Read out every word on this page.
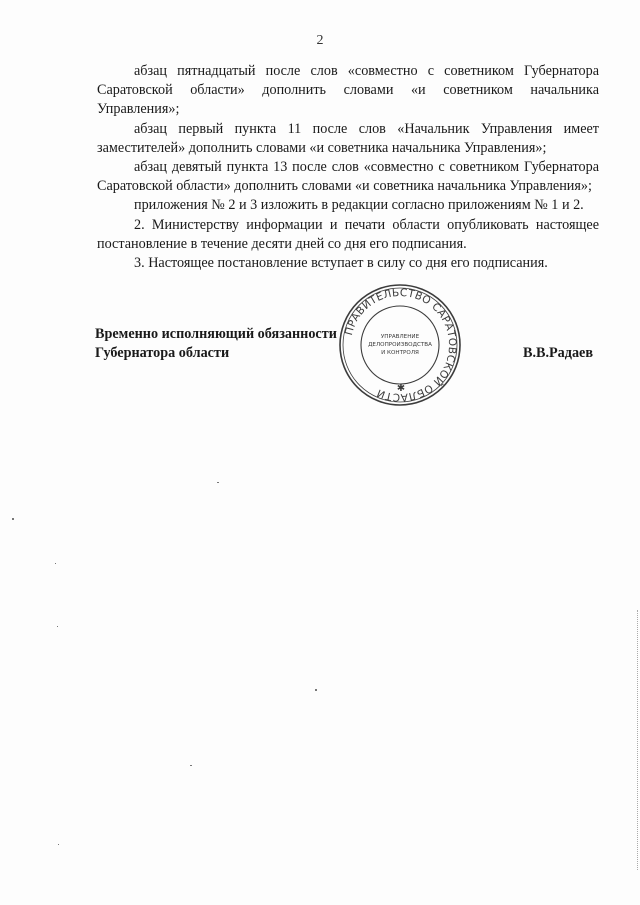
2

абзац пятнадцатый после слов «совместно с советником Губернатора Саратовской области» дополнить словами «и советником начальника Управления»;

абзац первый пункта 11 после слов «Начальник Управления имеет заместителей» дополнить словами «и советника начальника Управления»;

абзац девятый пункта 13 после слов «совместно с советником Губернатора Саратовской области» дополнить словами «и советника начальника Управления»;

приложения № 2 и 3 изложить в редакции согласно приложениям № 1 и 2.

2. Министерству информации и печати области опубликовать настоящее постановление в течение десяти дней со дня его подписания.

3. Настоящее постановление вступает в силу со дня его подписания.

Временно исполняющий обязанности
Губернатора области	В.В.Радаев
ПРАВИТЕЛЬСТВО САРАТОВСКОЙ ОБЛАСТИ
УПРАВЛЕНИЕ
ДЕЛОПРОИЗВОДСТВА
И КОНТРОЛЯ
✱
